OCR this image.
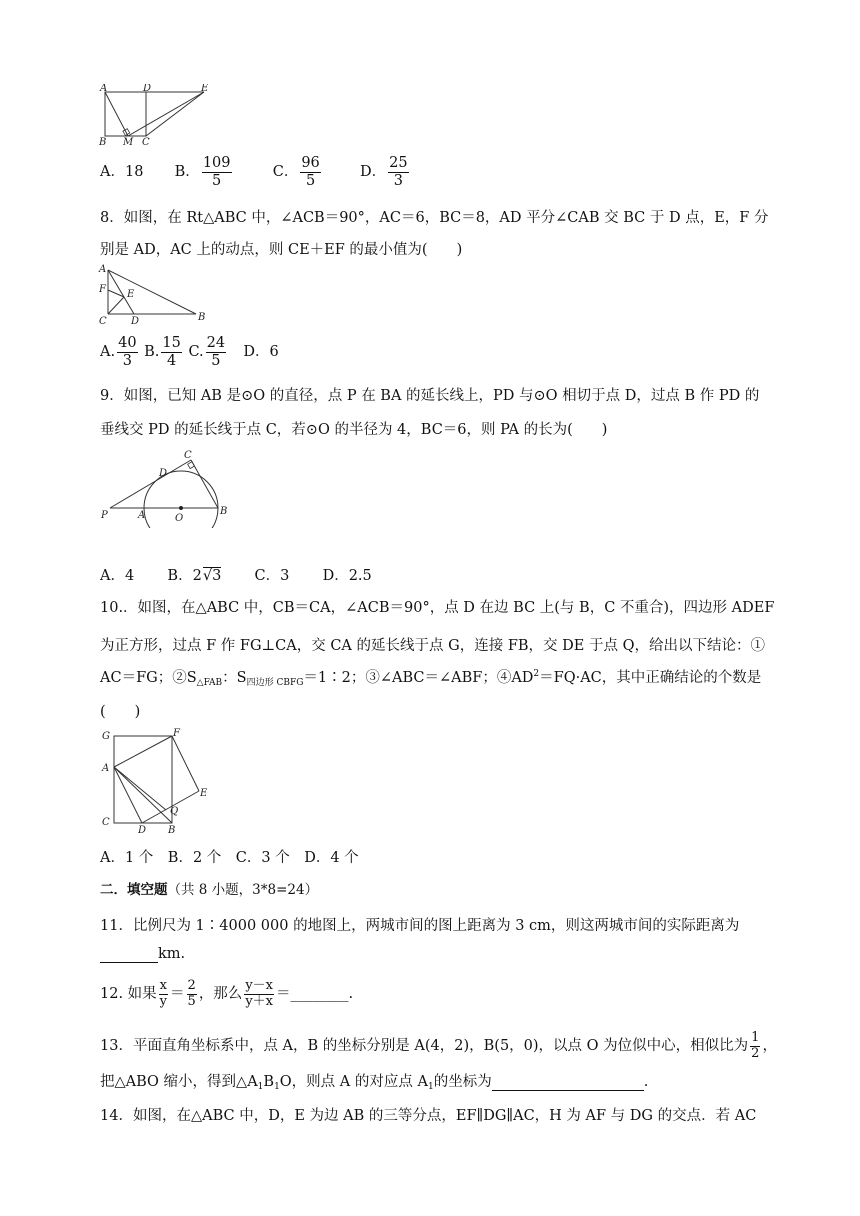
A	D	E
B M C
A．18 B． $\frac{109}{5}$	C． $\frac{96}{5}$	D． $\frac{25}{3}$
8．如图，在 Rt△ABC 中，∠ACB＝90°，AC＝6，BC＝8，AD 平分∠CAB 交 BC 于 D 点，E，F 分
别是 AD，AC 上的动点，则 CE＋EF 的最小值为(　　)
A
F E
C D	B
A. $\frac{40}{3} B$. $\frac{15}{4} C$. $\frac{24}{5}$ D．6
9．如图，已知 AB 是⊙O 的直径，点 P 在 BA 的延长线上，PD 与⊙O 相切于点 D，过点 B 作 PD 的
垂线交 PD 的延长线于点 C，若⊙O 的半径为 4，BC＝6，则 PA 的长为(　　)
C
D
P	A	O
B
A．4 B．2√3 C．3 D．2.5
10.．如图，在△ABC 中，CB＝CA，∠ACB＝90°，点 D 在边 BC 上(与 B，C 不重合)，四边形 ADEF
为正方形，过点 F 作 FG⊥CA，交 CA 的延长线于点 G，连接 FB，交 DE 于点 Q，给出以下结论：①
AC＝FG；$②S_{\triangle FAB}$：$S_{四边形 CBFG}=1∶2$；③∠ABC＝∠ABF；$④AD^2=FQ\cdot AC$，其中正确结论的个数是
(　　)
G	F
A
E
Q
C
D B
A．1 个　B．2 个　C．3 个　D．4 个
二．填空题（共 8 小题，3*8=24）
11．比例尺为 1∶4000 000 的地图上，两城市间的图上距离为 3 cm，则这两城市间的实际距离为
km.
12. 如果 $\frac{x}{y} = \frac{2}{5}$ ，那么 $\frac{y-x}{y+x}$ ＝________.
13．平面直角坐标系中，点 A，B 的坐标分别是 A(4，2)，B(5，0)，以点 O 为位似中心，相似比为 $\frac{1}{2}$ ，
把△ABO 缩小，得到$\triangle A_1B_1O$，则点 A 的对应点 $A_1$的坐标为	.
14．如图，在△ABC 中，D，E 为边 AB 的三等分点，EF∥DG∥AC，H 为 AF 与 DG 的交点．若 AC
